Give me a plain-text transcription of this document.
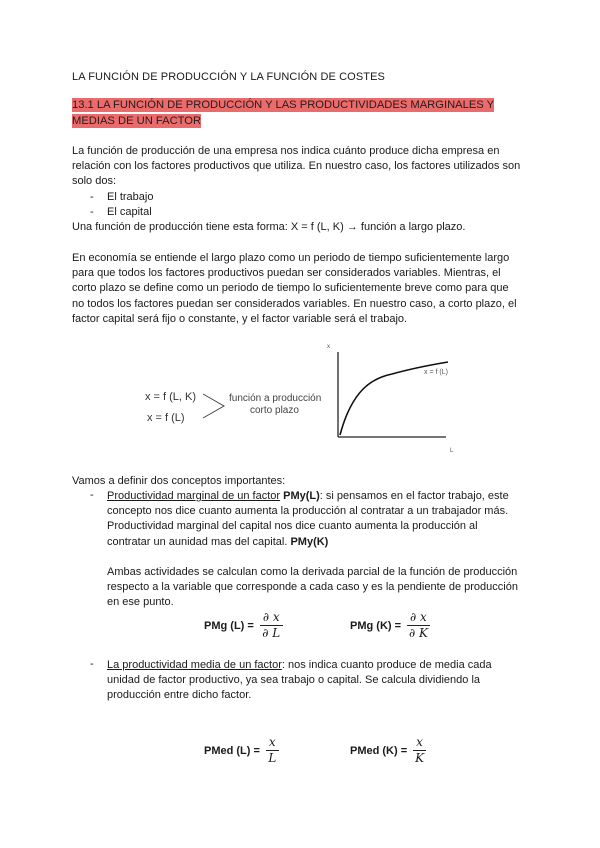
LA FUNCIÓN DE PRODUCCIÓN Y LA FUNCIÓN DE COSTES
13.1 LA FUNCIÓN DE PRODUCCIÓN Y LAS PRODUCTIVIDADES MARGINALES Y MEDIAS DE UN FACTOR

La función de producción de una empresa nos indica cuánto produce dicha empresa en

relación con los factores productivos que utiliza. En nuestro caso, los factores utilizados son

solo dos:

- El trabajo
- El capital
Una función de producción tiene esta forma: X = f (L, K) → función a largo plazo.

En economía se entiende el largo plazo como un periodo de tiempo suficientemente largo

para que todos los factores productivos puedan ser considerados variables. Mientras, el

corto plazo se define como un periodo de tiempo lo suficientemente breve como para que

no todos los factores puedan ser considerados variables. En nuestro caso, a corto plazo, el

factor capital será fijo o constante, y el factor variable será el trabajo.

x = f (L, K)
x = f (L)
función a producción
corto plazo
x
L
x = f (L)
Vamos a definir dos conceptos importantes:
- Productividad marginal de un factor PMy(L): si pensamos en el factor trabajo, este

concepto nos dice cuanto aumenta la producción al contratar a un trabajador más.

Productividad marginal del capital nos dice cuanto aumenta la producción al

contratar un aunidad mas del capital. PMy(K)

Ambas actividades se calculan como la derivada parcial de la función de producción

respecto a la variable que corresponde a cada caso y es la pendiente de producción

en ese punto.

PMg $(L) = \frac{\partial x}{\partial L}$	PMg $(K) = \frac{\partial x}{\partial K}$
- La productividad media de un factor: nos indica cuanto produce de media cada

unidad de factor productivo, ya sea trabajo o capital. Se calcula dividiendo la

producción entre dicho factor.

PMed $(L) = \frac{x}{L}$	PMed $(K) = \frac{x}{K}$
